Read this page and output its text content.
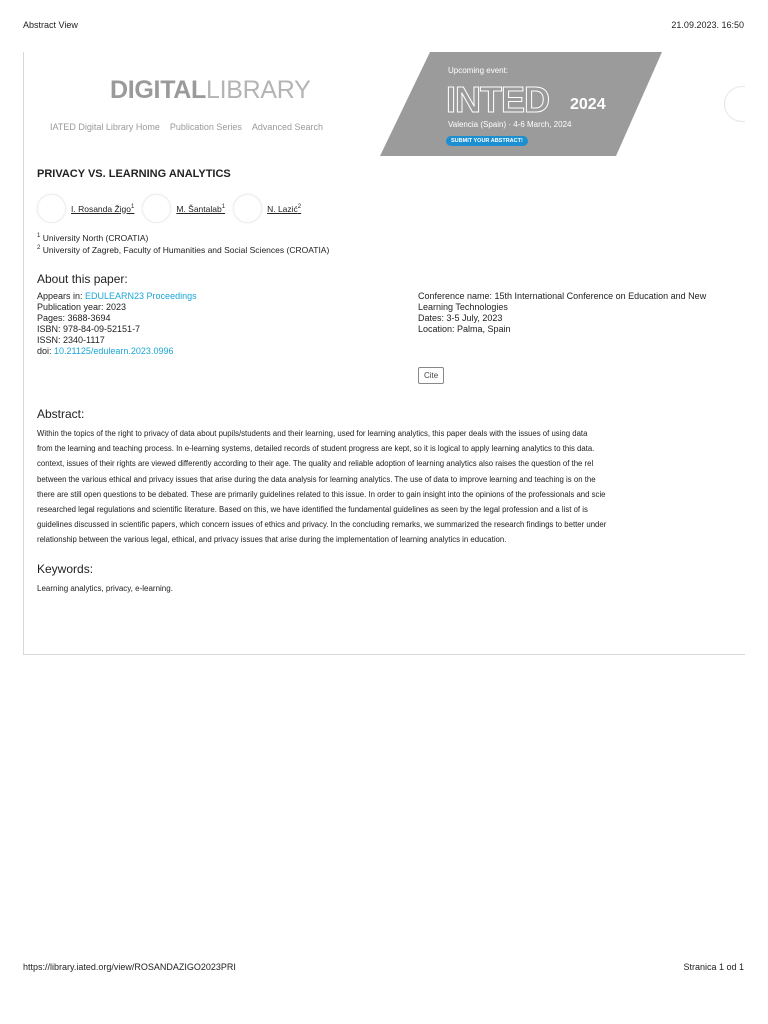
Abstract View	21.09.2023. 16:50
DIGITALLIBRARY
IATED Digital Library Home Publication Series Advanced Search
Upcoming event:
INTED 2024
Valencia (Spain) · 4-6 March, 2024
SUBMIT YOUR ABSTRACT!
PRIVACY VS. LEARNING ANALYTICS
I. Rosanda Žigo$^1$	M. Šantalab$^1$	N. Lazić$^2$
$^1$ University North (CROATIA)
$^2$ University of Zagreb, Faculty of Humanities and Social Sciences (CROATIA)
About this paper:
Appears in: EDULEARN23 Proceedings
Publication year: 2023
Pages: 3688-3694
ISBN: 978-84-09-52151-7
ISSN: 2340-1117
doi: 10.21125/edulearn.2023.0996
Conference name: 15th International Conference on Education and New
Learning Technologies
Dates: 3-5 July, 2023
Location: Palma, Spain
Cite
Abstract:
Within the topics of the right to privacy of data about pupils/students and their learning, used for learning analytics, this paper deals with the issues of using data
from the learning and teaching process. In e-learning systems, detailed records of student progress are kept, so it is logical to apply learning analytics to this data.
context, issues of their rights are viewed differently according to their age. The quality and reliable adoption of learning analytics also raises the question of the rel
between the various ethical and privacy issues that arise during the data analysis for learning analytics. The use of data to improve learning and teaching is on the
there are still open questions to be debated. These are primarily guidelines related to this issue. In order to gain insight into the opinions of the professionals and scie
researched legal regulations and scientific literature. Based on this, we have identified the fundamental guidelines as seen by the legal profession and a list of is
guidelines discussed in scientific papers, which concern issues of ethics and privacy. In the concluding remarks, we summarized the research findings to better under
relationship between the various legal, ethical, and privacy issues that arise during the implementation of learning analytics in education.
Keywords:
Learning analytics, privacy, e-learning.
https://library.iated.org/view/ROSANDAZIGO2023PRI	Stranica 1 od 1
